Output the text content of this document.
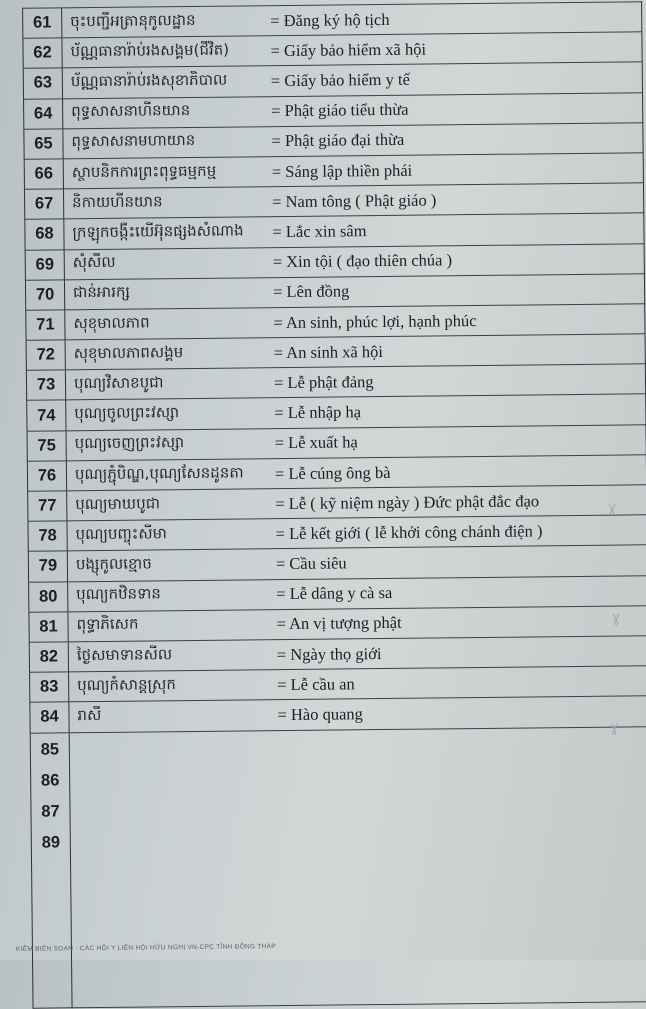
61	ចុះបញ្ជីអត្រានុកូលដ្ឋាន = Đăng ký hộ tịch
62	ប័ណ្ណធានារ៉ាប់រងសង្គម(ជីវិត) = Giấy bảo hiểm xã hội
63	ប័ណ្ណធានារ៉ាប់រងសុខាភិបាល = Giấy bảo hiểm y tế
64	ពុទ្ធសាសនាហីនយាន = Phật giáo tiểu thừa
65	ពុទ្ធសាសនាមហាយាន = Phật giáo đại thừa
66	ស្ថាបនិកការព្រះពុទ្ធធម្មកម្ម = Sáng lập thiền phái
67	និកាយហីនយាន = Nam tông ( Phật giáo )
68	ក្រឡុកចង្កឹះយើអ៊ុនផ្សងសំណាង = Lắc xin sâm
69	សុំសីល = Xin tội ( đạo thiên chúa )
70	ជាន់អារក្ស = Lên đồng
71	សុខុមាលភាព = An sinh, phúc lợi, hạnh phúc
72	សុខុមាលភាពសង្គម = An sinh xã hội
73	បុណ្យវិសាខបូជា = Lễ phật đảng
74	បុណ្យចូលព្រះវស្សា = Lễ nhập hạ
75	បុណ្យចេញព្រះវស្សា = Lễ xuất hạ
76	បុណ្យភ្ជុំបិណ្ឌ,បុណ្យសែនដូនតា = Lễ cúng ông bà
77	បុណ្យមាឃបូជា = Lễ ( kỹ niệm ngày ) Đức phật đắc đạo
78	បុណ្យបញ្ចុះសីមា = Lễ kết giới ( lễ khởi công chánh điện )
79	បង្សុកូលខ្មោច = Cầu siêu
80	បុណ្យកឋិនទាន = Lễ dâng y cà sa
81	ពុទ្ធាភិសេក = An vị tượng phật
82	ថ្ងៃសមាទានសីល = Ngày thọ giới
83	បុណ្យកំសាន្តស្រុក = Lễ cầu an
84	រាសី = Hào quang
85	
86	
87	
89	

KIỂM BIÊN SOẠN · CÁC HỘI Y LIÊN HỘI HỮU NGHỊ VN-CPC TỈNH ĐỒNG THÁP
ɣ
ɣ
ɣ
